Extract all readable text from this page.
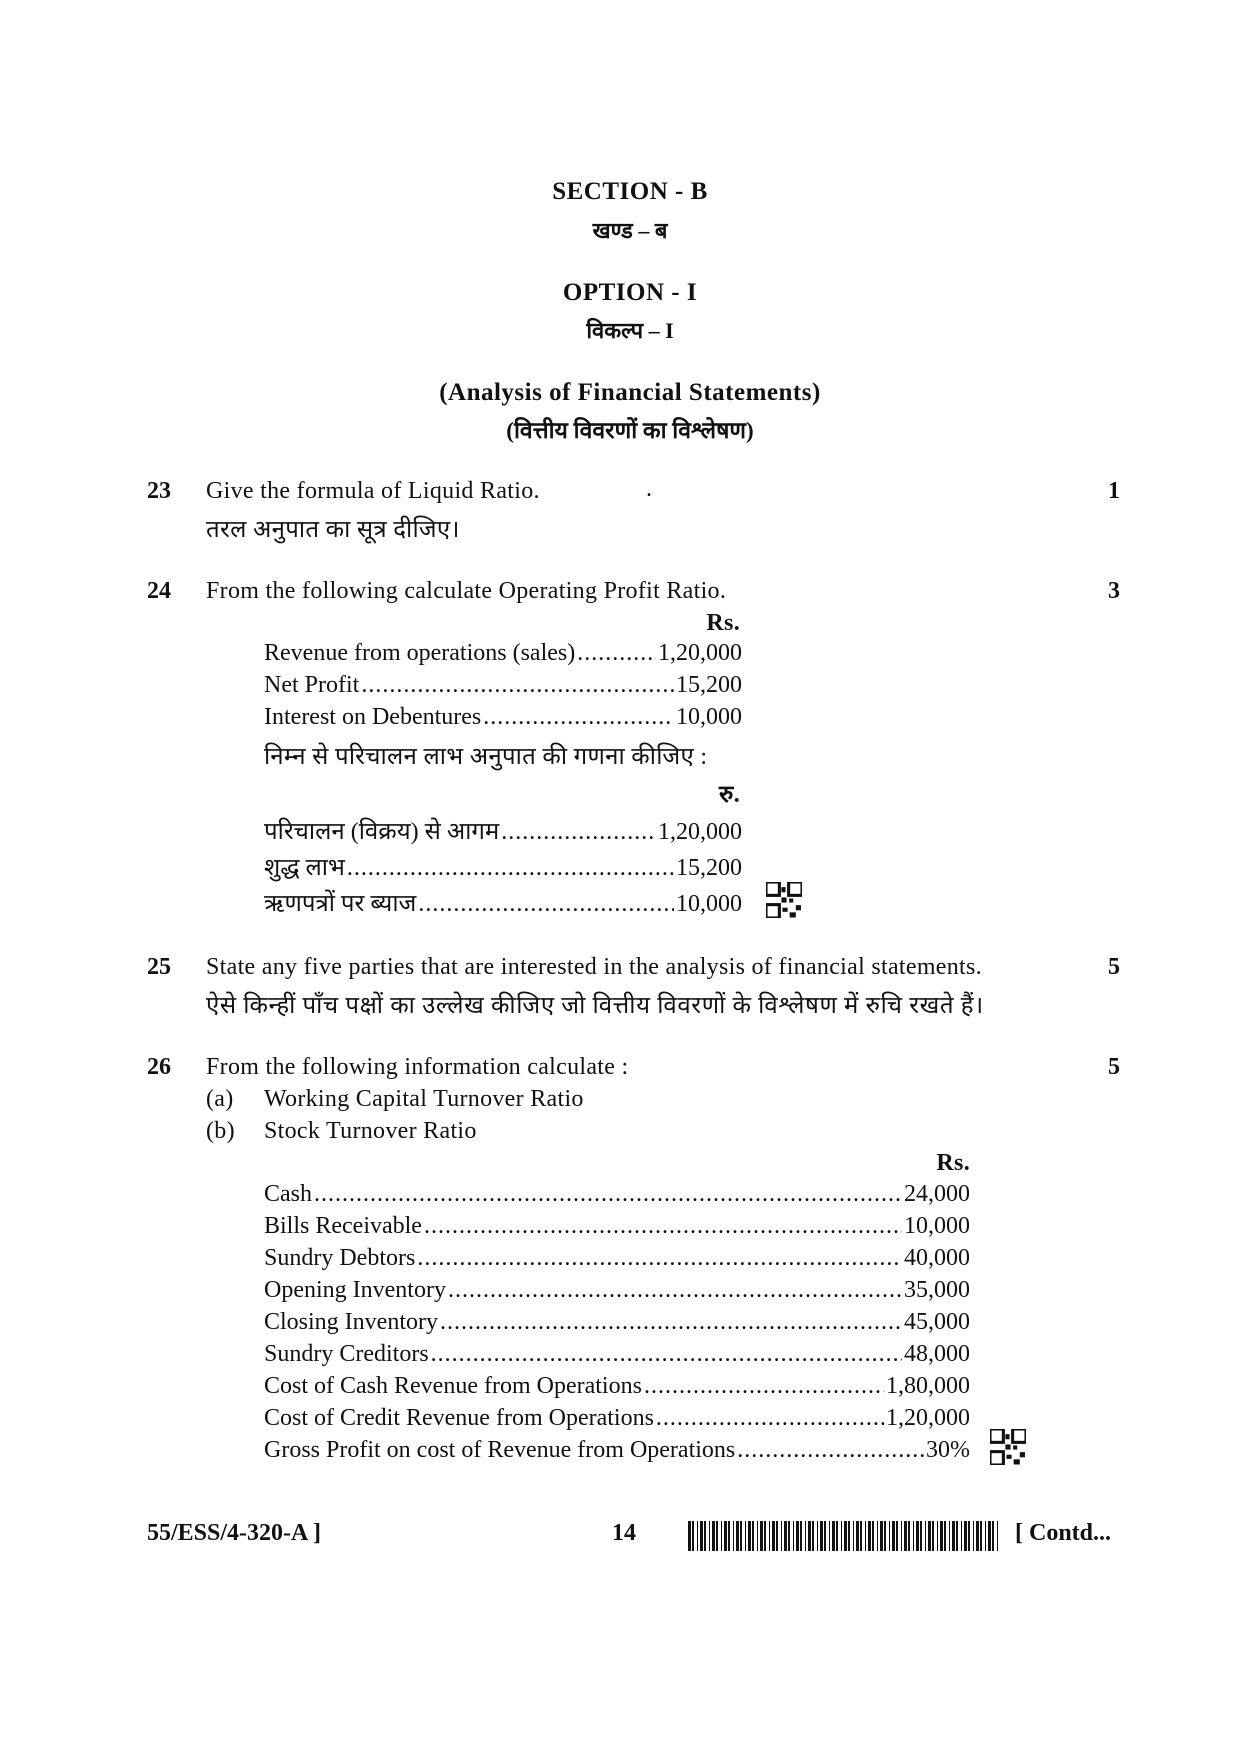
SECTION - B
खण्ड – ब
OPTION - I
विकल्प – I
(Analysis of Financial Statements)
(वित्तीय विवरणों का विश्लेषण)
23 Give the formula of Liquid Ratio.	.	1
तरल अनुपात का सूत्र दीजिए।
24 From the following calculate Operating Profit Ratio.	3
Rs.
Revenue from operations (sales) .....	1,20,000
Net Profit .....	15,200
Interest on Debentures .....	10,000
निम्न से परिचालन लाभ अनुपात की गणना कीजिए :
रु.
परिचालन (विक्रय) से आगम .....	1,20,000
शुद्ध लाभ .....	15,200
ऋणपत्रों पर ब्याज .....	10,000
25 State any five parties that are interested in the analysis of financial statements.	5
ऐसे किन्हीं पाँच पक्षों का उल्लेख कीजिए जो वित्तीय विवरणों के विश्लेषण में रुचि रखते हैं।
26 From the following information calculate :	5
(a) Working Capital Turnover Ratio
(b) Stock Turnover Ratio
Rs.
Cash .....	24,000
Bills Receivable .....	10,000
Sundry Debtors .....	40,000
Opening Inventory .....	35,000
Closing Inventory .....	45,000
Sundry Creditors .....	48,000
Cost of Cash Revenue from Operations .....	1,80,000
Cost of Credit Revenue from Operations .....	1,20,000
Gross Profit on cost of Revenue from Operations .....	30%
55/ESS/4-320-A ]	14	[ Contd...
